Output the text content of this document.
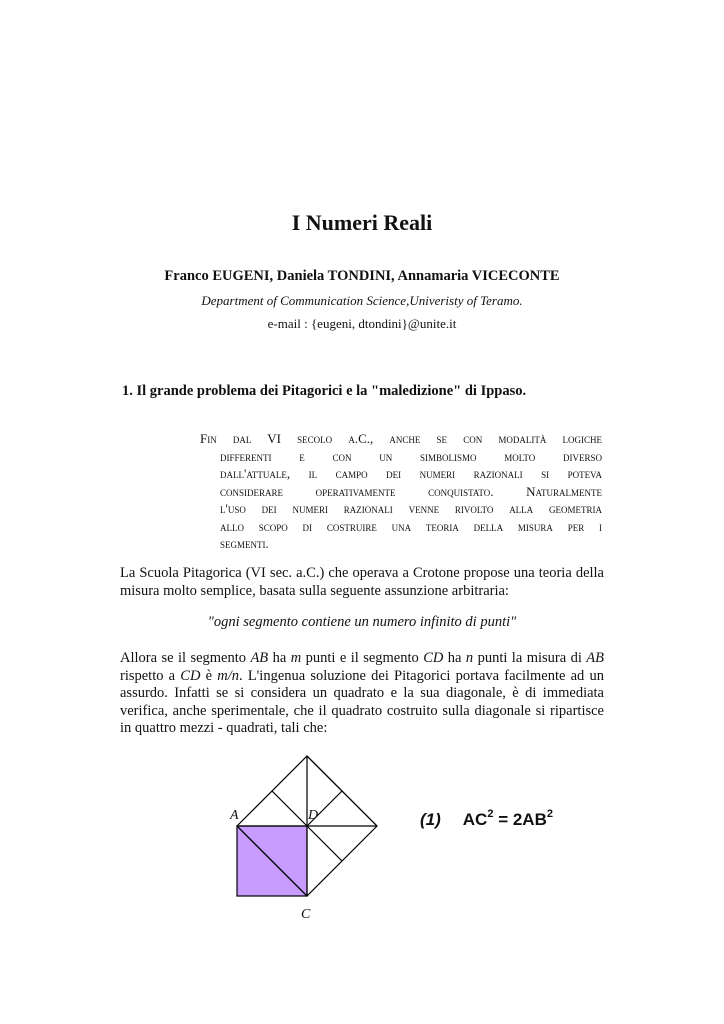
I Numeri Reali
Franco EUGENI, Daniela TONDINI, Annamaria VICECONTE
Department of Communication Science,Univeristy of Teramo.
e-mail : {eugeni, dtondini}@unite.it
1. Il grande problema dei Pitagorici e la "maledizione" di Ippaso.
Fin dal VI secolo a.C., anche se con modalità logiche
differenti e con un simbolismo molto diverso
dall'attuale, il campo dei numeri razionali si poteva
considerare operativamente conquistato. Naturalmente
l'uso dei numeri razionali venne rivolto alla geometria
allo scopo di costruire una teoria della misura per i
segmenti.
La Scuola Pitagorica (VI sec. a.C.) che operava a Crotone propose una teoria della
misura molto semplice, basata sulla seguente assunzione arbitraria:
"ogni segmento contiene un numero infinito di punti"
Allora se il segmento AB ha m punti e il segmento CD ha n punti la misura di AB
rispetto a CD è m/n. L'ingenua soluzione dei Pitagorici portava facilmente ad un
assurdo. Infatti se si considera un quadrato e la sua diagonale, è di immediata
verifica, anche sperimentale, che il quadrato costruito sulla diagonale si ripartisce
in quattro mezzi - quadrati, tali che:
A	D
C
(1) $AC^2 = 2AB^2$
